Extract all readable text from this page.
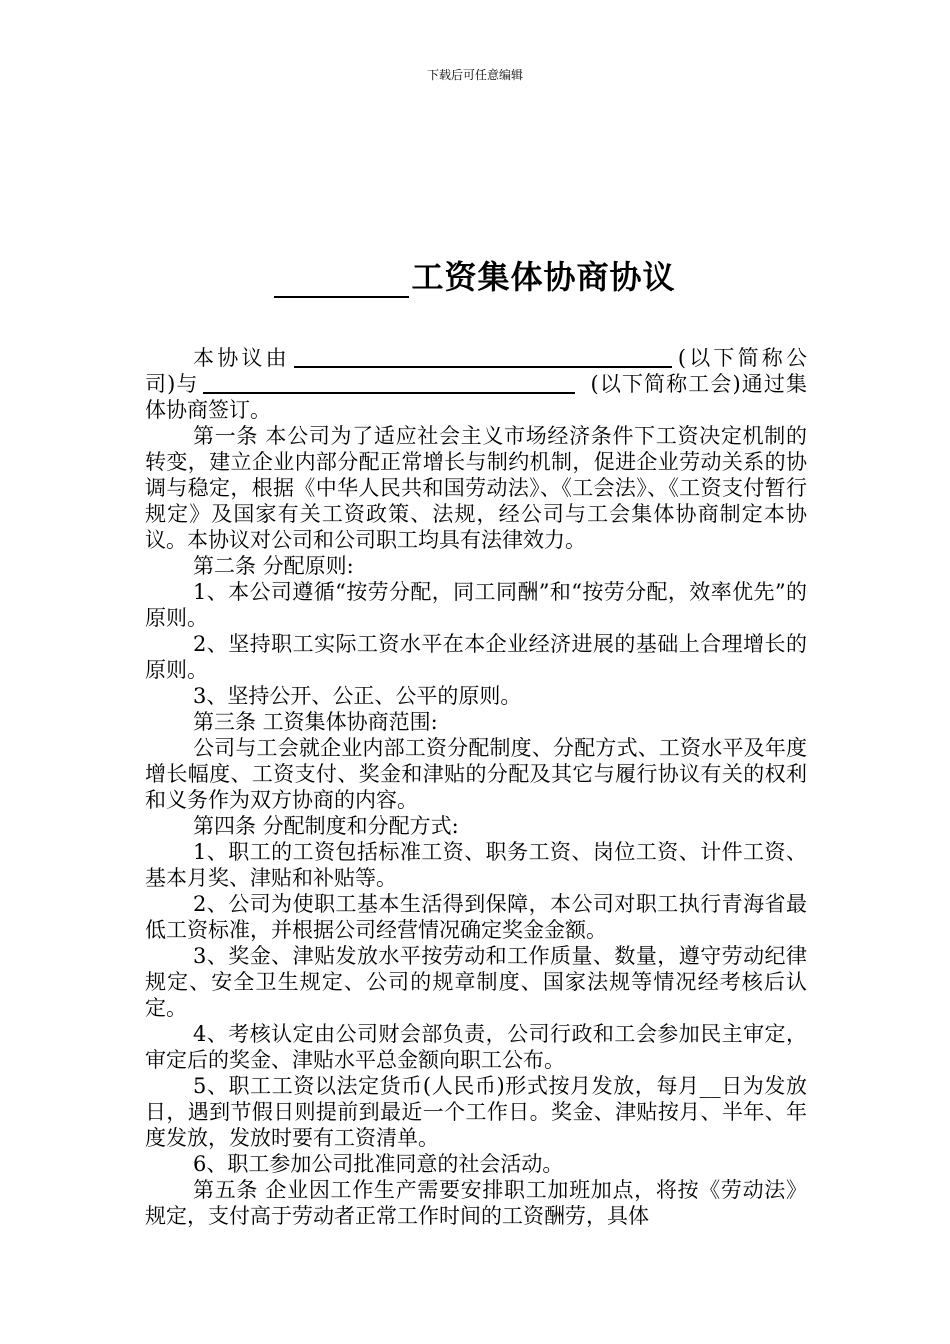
下载后可任意编辑
工资集体协商协议

本协议由	(以下简称公司)与	(以下简称工会)通过集体协商签订。

第一条 本公司为了适应社会主义市场经济条件下工资决定机制的转变，建立企业内部分配正常增长与制约机制，促进企业劳动关系的协调与稳定，根据《中华人民共和国劳动法》、《工会法》、《工资支付暂行规定》及国家有关工资政策、法规，经公司与工会集体协商制定本协议。本协议对公司和公司职工均具有法律效力。

第二条 分配原则:

1、本公司遵循“按劳分配，同工同酬”和“按劳分配，效率优先”的原则。

2、坚持职工实际工资水平在本企业经济进展的基础上合理增长的原则。

3、坚持公开、公正、公平的原则。

第三条 工资集体协商范围:

公司与工会就企业内部工资分配制度、分配方式、工资水平及年度增长幅度、工资支付、奖金和津贴的分配及其它与履行协议有关的权利和义务作为双方协商的内容。

第四条 分配制度和分配方式:

1、职工的工资包括标准工资、职务工资、岗位工资、计件工资、基本月奖、津贴和补贴等。

2、公司为使职工基本生活得到保障，本公司对职工执行青海省最低工资标准，并根据公司经营情况确定奖金金额。

3、奖金、津贴发放水平按劳动和工作质量、数量，遵守劳动纪律规定、安全卫生规定、公司的规章制度、国家法规等情况经考核后认定。

4、考核认定由公司财会部负责，公司行政和工会参加民主审定，审定后的奖金、津贴水平总金额向职工公布。

5、职工工资以法定货币(人民币)形式按月发放，每月__日为发放日，遇到节假日则提前到最近一个工作日。奖金、津贴按月、半年、年度发放，发放时要有工资清单。

6、职工参加公司批准同意的社会活动。

第五条 企业因工作生产需要安排职工加班加点，将按《劳动法》规定，支付高于劳动者正常工作时间的工资酬劳，具体
